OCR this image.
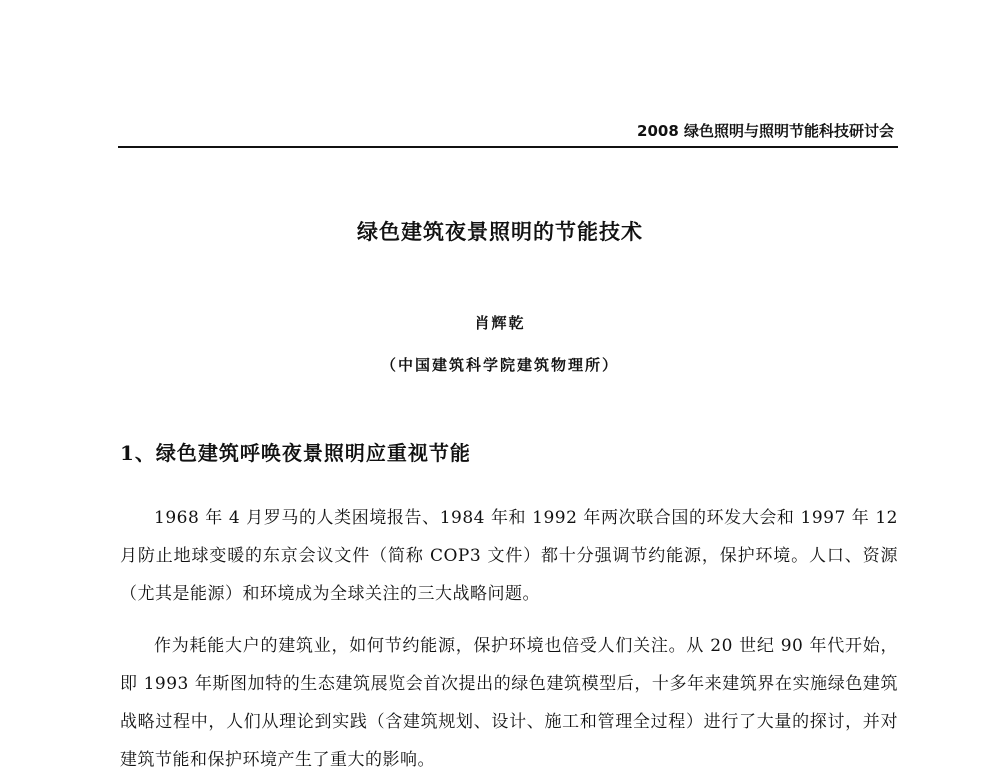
2008 绿色照明与照明节能科技研讨会
绿色建筑夜景照明的节能技术
肖辉乾
（中国建筑科学院建筑物理所）
1、绿色建筑呼唤夜景照明应重视节能

1968 年 4 月罗马的人类困境报告、1984 年和 1992 年两次联合国的环发大会和 1997 年 12 月防止地球变暖的东京会议文件（简称 COP3 文件）都十分强调节约能源，保护环境。人口、资源（尤其是能源）和环境成为全球关注的三大战略问题。

作为耗能大户的建筑业，如何节约能源，保护环境也倍受人们关注。从 20 世纪 90 年代开始，即 1993 年斯图加特的生态建筑展览会首次提出的绿色建筑模型后，十多年来建筑界在实施绿色建筑战略过程中，人们从理论到实践（含建筑规划、设计、施工和管理全过程）进行了大量的探讨，并对建筑节能和保护环境产生了重大的影响。
